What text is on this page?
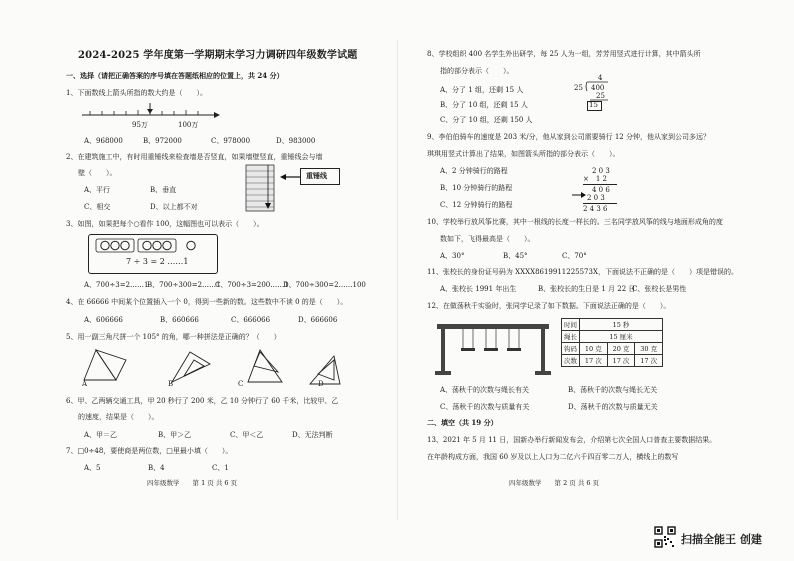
2024-2025 学年度第一学期期末学习力调研四年级数学试题
一、选择（请把正确答案的序号填在答题纸相应的位置上，共 24 分）
1、下面数线上箭头所指的数大约是（　　）。
95万	100万
A、968000	B、972000	C、978000	D、983000
2、在建筑施工中，有时用重锤线来检查墙是否竖直，如果墙壁竖直，重锤线会与墙
壁（　　）。	重锤线
A、平行	B、垂直
C、相交	D、以上都不对
3、如图，如果把每个○看作 100，这幅图也可以表示（　　）。
7 ÷ 3 = 2 ……1
A、700÷3=2……1
B、700÷300=2……1
C、700÷3=200……1
D、700÷300=2……100
4、在 66666 中间某个位置插入一个 0，得到一些新的数。这些数中不读 0 的是（　　）。
A、606666	B、660666	C、666066	D、666606
5、用一副三角尺拼一个 105° 的角，哪一种拼法是正确的？（　　）
A	B	C	D
6、甲、乙两辆交通工具，甲 20 秒行了 200 米，乙 10 分钟行了 60 千米，比较甲、乙
的速度，结果是（　　）。
A、甲＝乙	B、甲＞乙	C、甲＜乙	D、无法判断
7、□0÷48，要使商是两位数，□里最小填（　　）。
A、5	B、4	C、1
四年级数学　　第 1 页 共 6 页
8、学校组织 400 名学生外出研学，每 25 人为一组，芳芳用竖式进行计算，其中箭头所
指的部分表示（　　）。
4
25 400
25
15
A、分了 1 组，还剩 15 人
B、分了 10 组，还剩 15 人
C、分了 10 组，还剩 150 人
9、李伯伯骑车的速度是 203 米/分，他从家到公司需要骑行 12 分钟，他从家到公司多远？
琪琪用竖式计算出了结果，如图箭头所指的部分表示（　　）。
2 0 3
×　1 2
4 0 6
2 0 3
2 4 3 6
A、2 分钟骑行的路程
B、10 分钟骑行的路程
C、12 分钟骑行的路程
10、学校举行放风筝比赛，其中一根线的长度一样长的。三名同学放风筝的线与地面形成角的度
数如下，飞得最高是（　　）。
A、30°	B、45°	C、70°
11、张校长的身份证号码为 XXXX8619911225573X，下面说法不正确的是（　　）项是错误的。
A、张校长 1991 年出生	B、张校长的生日是 1 月 22 日
C、张校长是男性
12、在做荡秋千实验时，张同学记录了如下数据。下面说法正确的是（　　）。
时间	15 秒		
绳长	15 厘米		
钩码	10 克	20 克	30 克
次数	17 次	17 次	17 次
A、荡秋千的次数与绳长有关	B、荡秋千的次数与绳长无关
C、荡秋千的次数与质量有关	D、荡秋千的次数与质量无关
二、填空（共 19 分）
13、2021 年 5 月 11 日，国新办举行新闻发布会，介绍第七次全国人口普查主要数据结果。
在年龄构成方面，我国 60 岁及以上人口为二亿六千四百零二万人，横线上的数写
四年级数学　　第 2 页 共 6 页
扫描全能王 创建
